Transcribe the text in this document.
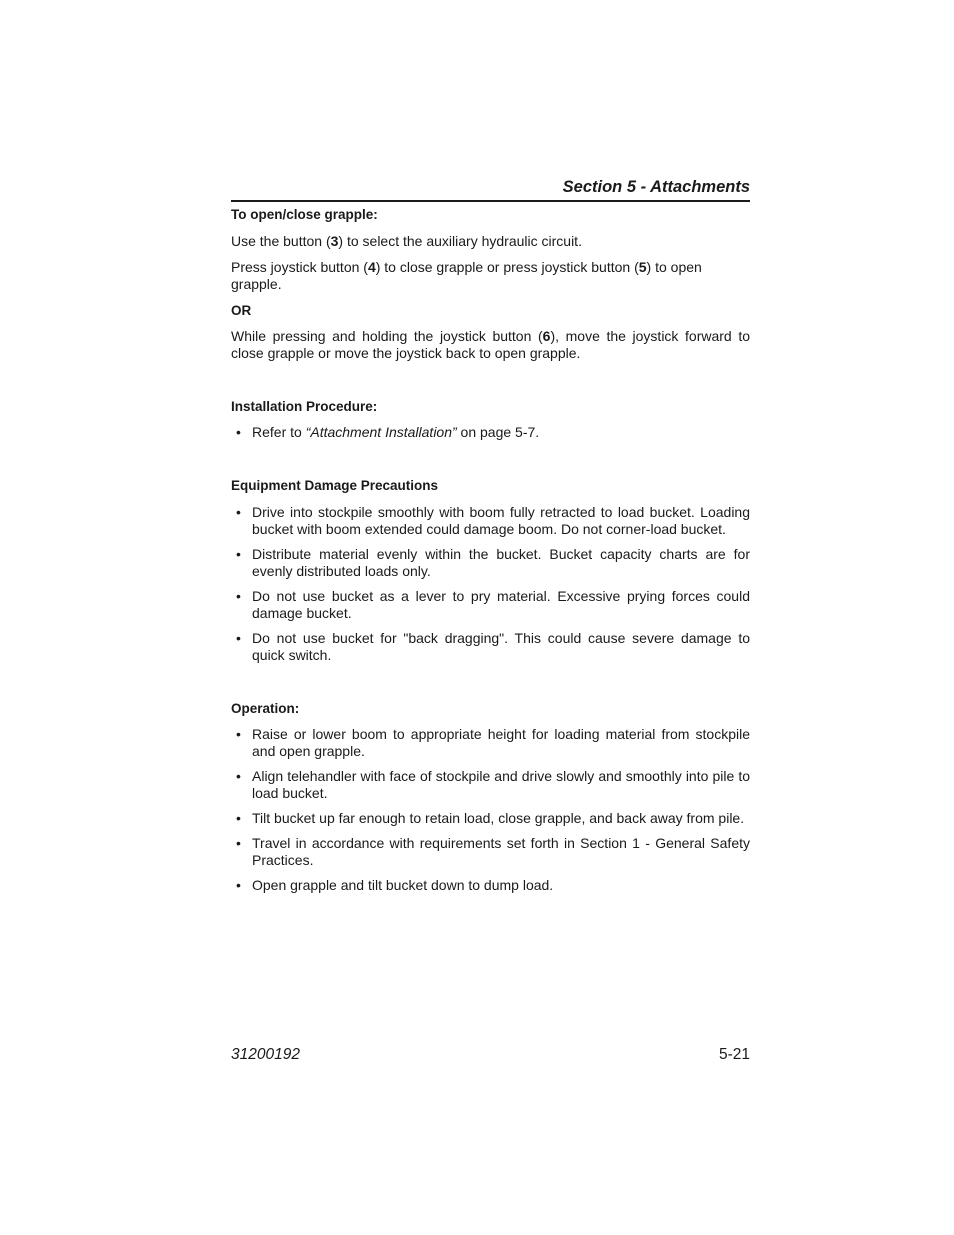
Section 5 - Attachments
To open/close grapple:

Use the button (3) to select the auxiliary hydraulic circuit.

Press joystick button (4) to close grapple or press joystick button (5) to open grapple.

OR

While pressing and holding the joystick button (6), move the joystick forward to close grapple or move the joystick back to open grapple.

Installation Procedure:
• Refer to “Attachment Installation” on page 5-7.
Equipment Damage Precautions
• Drive into stockpile smoothly with boom fully retracted to load bucket. Loading bucket with boom extended could damage boom. Do not corner-load bucket.
• Distribute material evenly within the bucket. Bucket capacity charts are for evenly distributed loads only.
• Do not use bucket as a lever to pry material. Excessive prying forces could damage bucket.
• Do not use bucket for "back dragging". This could cause severe damage to quick switch.
Operation:
• Raise or lower boom to appropriate height for loading material from stockpile and open grapple.
• Align telehandler with face of stockpile and drive slowly and smoothly into pile to load bucket.
• Tilt bucket up far enough to retain load, close grapple, and back away from pile.
• Travel in accordance with requirements set forth in Section 1 - General Safety Practices.
• Open grapple and tilt bucket down to dump load.
31200192	5-21
